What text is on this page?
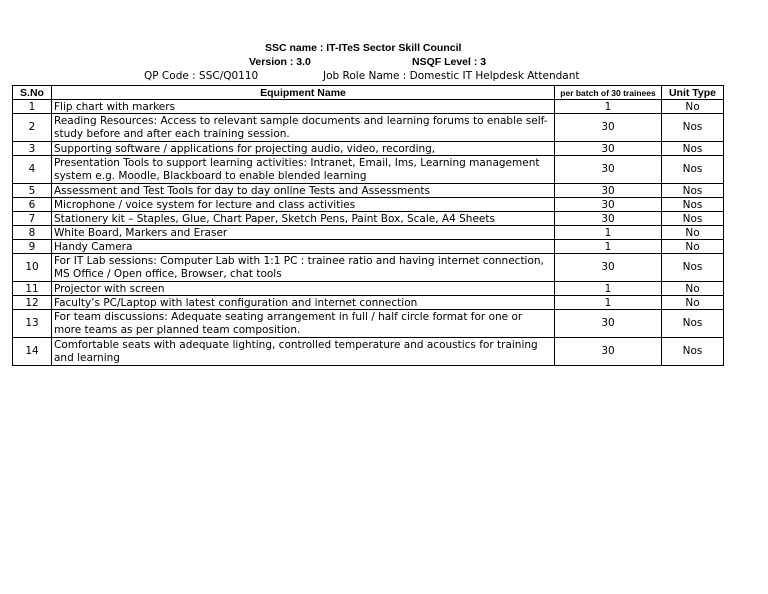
SSC name : IT-ITeS Sector Skill Council
Version : 3.0	NSQF Level : 3
QP Code : SSC/Q0110	Job Role Name : Domestic IT Helpdesk Attendant
S.No	Equipment Name	per batch of 30 trainees	Unit Type
1	Flip chart with markers	1	No
2	Reading Resources: Access to relevant sample documents and learning forums to enable self-study before and after each training session.	30	Nos
3	Supporting software / applications for projecting audio, video, recording,	30	Nos
4	Presentation Tools to support learning activities: Intranet, Email, Ims, Learning management system e.g. Moodle, Blackboard to enable blended learning	30	Nos
5	Assessment and Test Tools for day to day online Tests and Assessments	30	Nos
6	Microphone / voice system for lecture and class activities	30	Nos
7	Stationery kit – Staples, Glue, Chart Paper, Sketch Pens, Paint Box, Scale, A4 Sheets	30	Nos
8	White Board, Markers and Eraser	1	No
9	Handy Camera	1	No
10	For IT Lab sessions: Computer Lab with 1:1 PC : trainee ratio and having internet connection, MS Office / Open office, Browser, chat tools	30	Nos
11	Projector with screen	1	No
12	Faculty’s PC/Laptop with latest configuration and internet connection	1	No
13	For team discussions: Adequate seating arrangement in full / half circle format for one or more teams as per planned team composition.	30	Nos
14	Comfortable seats with adequate lighting, controlled temperature and acoustics for training and learning	30	Nos
